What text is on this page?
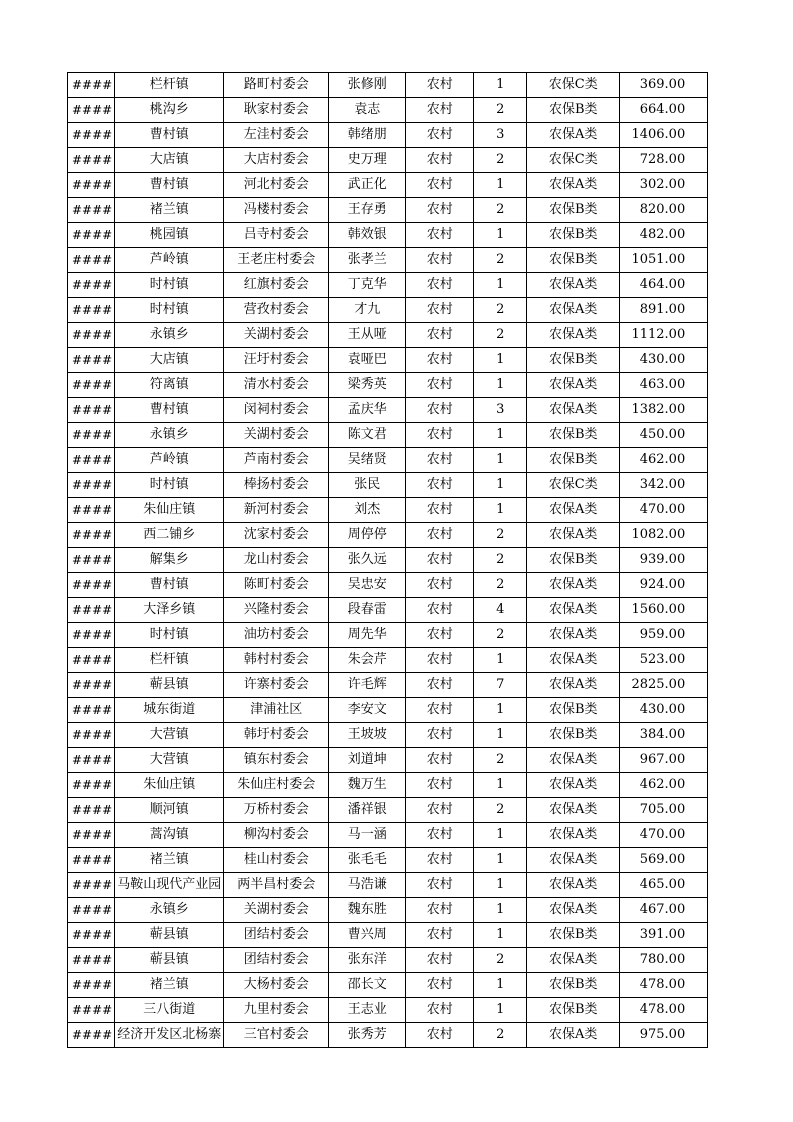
####	栏杆镇	路町村委会	张修刚	农村	1	农保C类	369.00
####	桃沟乡	耿家村委会	袁志	农村	2	农保B类	664.00
####	曹村镇	左洼村委会	韩绪朋	农村	3	农保A类	1406.00
####	大店镇	大店村委会	史万理	农村	2	农保C类	728.00
####	曹村镇	河北村委会	武正化	农村	1	农保A类	302.00
####	褚兰镇	冯楼村委会	王存勇	农村	2	农保B类	820.00
####	桃园镇	吕寺村委会	韩效银	农村	1	农保B类	482.00
####	芦岭镇	王老庄村委会	张孝兰	农村	2	农保B类	1051.00
####	时村镇	红旗村委会	丁克华	农村	1	农保A类	464.00
####	时村镇	营孜村委会	才九	农村	2	农保A类	891.00
####	永镇乡	关湖村委会	王从哑	农村	2	农保A类	1112.00
####	大店镇	汪圩村委会	袁哑巴	农村	1	农保B类	430.00
####	符离镇	清水村委会	梁秀英	农村	1	农保A类	463.00
####	曹村镇	闵祠村委会	孟庆华	农村	3	农保A类	1382.00
####	永镇乡	关湖村委会	陈文君	农村	1	农保B类	450.00
####	芦岭镇	芦南村委会	吴绪贤	农村	1	农保B类	462.00
####	时村镇	棒扬村委会	张民	农村	1	农保C类	342.00
####	朱仙庄镇	新河村委会	刘杰	农村	1	农保A类	470.00
####	西二铺乡	沈家村委会	周停停	农村	2	农保A类	1082.00
####	解集乡	龙山村委会	张久远	农村	2	农保B类	939.00
####	曹村镇	陈町村委会	吴忠安	农村	2	农保A类	924.00
####	大泽乡镇	兴隆村委会	段春雷	农村	4	农保A类	1560.00
####	时村镇	油坊村委会	周先华	农村	2	农保A类	959.00
####	栏杆镇	韩村村委会	朱会芹	农村	1	农保A类	523.00
####	蕲县镇	许寨村委会	许毛辉	农村	7	农保A类	2825.00
####	城东街道	津浦社区	李安文	农村	1	农保B类	430.00
####	大营镇	韩圩村委会	王坡坡	农村	1	农保B类	384.00
####	大营镇	镇东村委会	刘道坤	农村	2	农保A类	967.00
####	朱仙庄镇	朱仙庄村委会	魏万生	农村	1	农保A类	462.00
####	顺河镇	万桥村委会	潘祥银	农村	2	农保A类	705.00
####	蒿沟镇	柳沟村委会	马一涵	农村	1	农保A类	470.00
####	褚兰镇	桂山村委会	张毛毛	农村	1	农保A类	569.00
####	马鞍山现代产业园	两半昌村委会	马浩谦	农村	1	农保A类	465.00
####	永镇乡	关湖村委会	魏东胜	农村	1	农保A类	467.00
####	蕲县镇	团结村委会	曹兴周	农村	1	农保B类	391.00
####	蕲县镇	团结村委会	张东洋	农村	2	农保A类	780.00
####	褚兰镇	大杨村委会	邵长文	农村	1	农保B类	478.00
####	三八街道	九里村委会	王志业	农村	1	农保B类	478.00
####	经济开发区北杨寨	三官村委会	张秀芳	农村	2	农保A类	975.00
